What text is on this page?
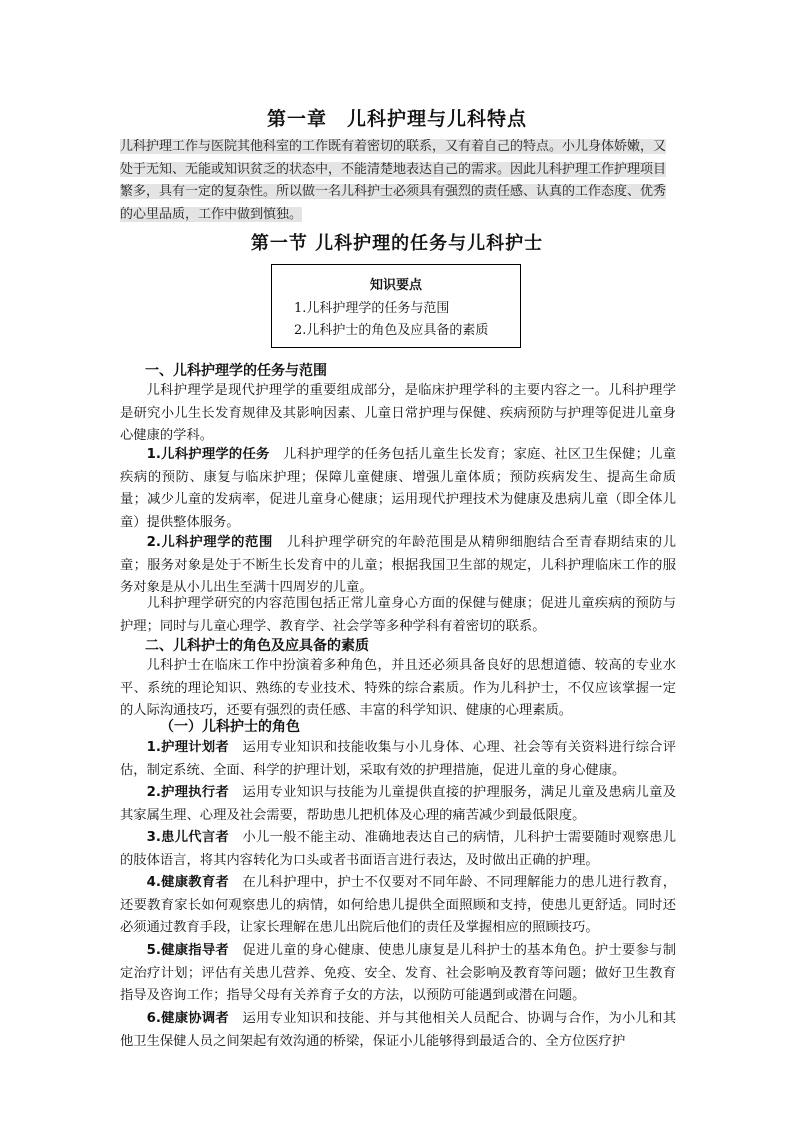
第一章　儿科护理与儿科特点
儿科护理工作与医院其他科室的工作既有着密切的联系，又有着自己的特点。小儿身体娇嫩，又处于无知、无能或知识贫乏的状态中，不能清楚地表达自己的需求。因此儿科护理工作护理项目繁多，具有一定的复杂性。所以做一名儿科护士必须具有强烈的责任感、认真的工作态度、优秀的心里品质，工作中做到慎独。
第一节 儿科护理的任务与儿科护士
知识要点
1.儿科护理学的任务与范围
2.儿科护士的角色及应具备的素质
一、儿科护理学的任务与范围
儿科护理学是现代护理学的重要组成部分，是临床护理学科的主要内容之一。儿科护理学是研究小儿生长发育规律及其影响因素、儿童日常护理与保健、疾病预防与护理等促进儿童身心健康的学科。
1.儿科护理学的任务　儿科护理学的任务包括儿童生长发育；家庭、社区卫生保健；儿童疾病的预防、康复与临床护理；保障儿童健康、增强儿童体质；预防疾病发生、提高生命质量；减少儿童的发病率，促进儿童身心健康；运用现代护理技术为健康及患病儿童（即全体儿童）提供整体服务。
2.儿科护理学的范围　儿科护理学研究的年龄范围是从精卵细胞结合至青春期结束的儿童；服务对象是处于不断生长发育中的儿童；根据我国卫生部的规定，儿科护理临床工作的服务对象是从小儿出生至满十四周岁的儿童。
儿科护理学研究的内容范围包括正常儿童身心方面的保健与健康；促进儿童疾病的预防与护理；同时与儿童心理学、教育学、社会学等多种学科有着密切的联系。
二、儿科护士的角色及应具备的素质
儿科护士在临床工作中扮演着多种角色，并且还必须具备良好的思想道德、较高的专业水平、系统的理论知识、熟练的专业技术、特殊的综合素质。作为儿科护士，不仅应该掌握一定的人际沟通技巧，还要有强烈的责任感、丰富的科学知识、健康的心理素质。
（一）儿科护士的角色
1.护理计划者　运用专业知识和技能收集与小儿身体、心理、社会等有关资料进行综合评估，制定系统、全面、科学的护理计划，采取有效的护理措施，促进儿童的身心健康。
2.护理执行者　运用专业知识与技能为儿童提供直接的护理服务，满足儿童及患病儿童及其家属生理、心理及社会需要，帮助患儿把机体及心理的痛苦减少到最低限度。
3.患儿代言者　小儿一般不能主动、准确地表达自己的病情，儿科护士需要随时观察患儿的肢体语言，将其内容转化为口头或者书面语言进行表达，及时做出正确的护理。
4.健康教育者　在儿科护理中，护士不仅要对不同年龄、不同理解能力的患儿进行教育，还要教育家长如何观察患儿的病情，如何给患儿提供全面照顾和支持，使患儿更舒适。同时还必须通过教育手段，让家长理解在患儿出院后他们的责任及掌握相应的照顾技巧。
5.健康指导者　促进儿童的身心健康、使患儿康复是儿科护士的基本角色。护士要参与制定治疗计划；评估有关患儿营养、免疫、安全、发育、社会影响及教育等问题；做好卫生教育指导及咨询工作；指导父母有关养育子女的方法，以预防可能遇到或潜在问题。
6.健康协调者　运用专业知识和技能、并与其他相关人员配合、协调与合作，为小儿和其他卫生保健人员之间架起有效沟通的桥梁，保证小儿能够得到最适合的、全方位医疗护
